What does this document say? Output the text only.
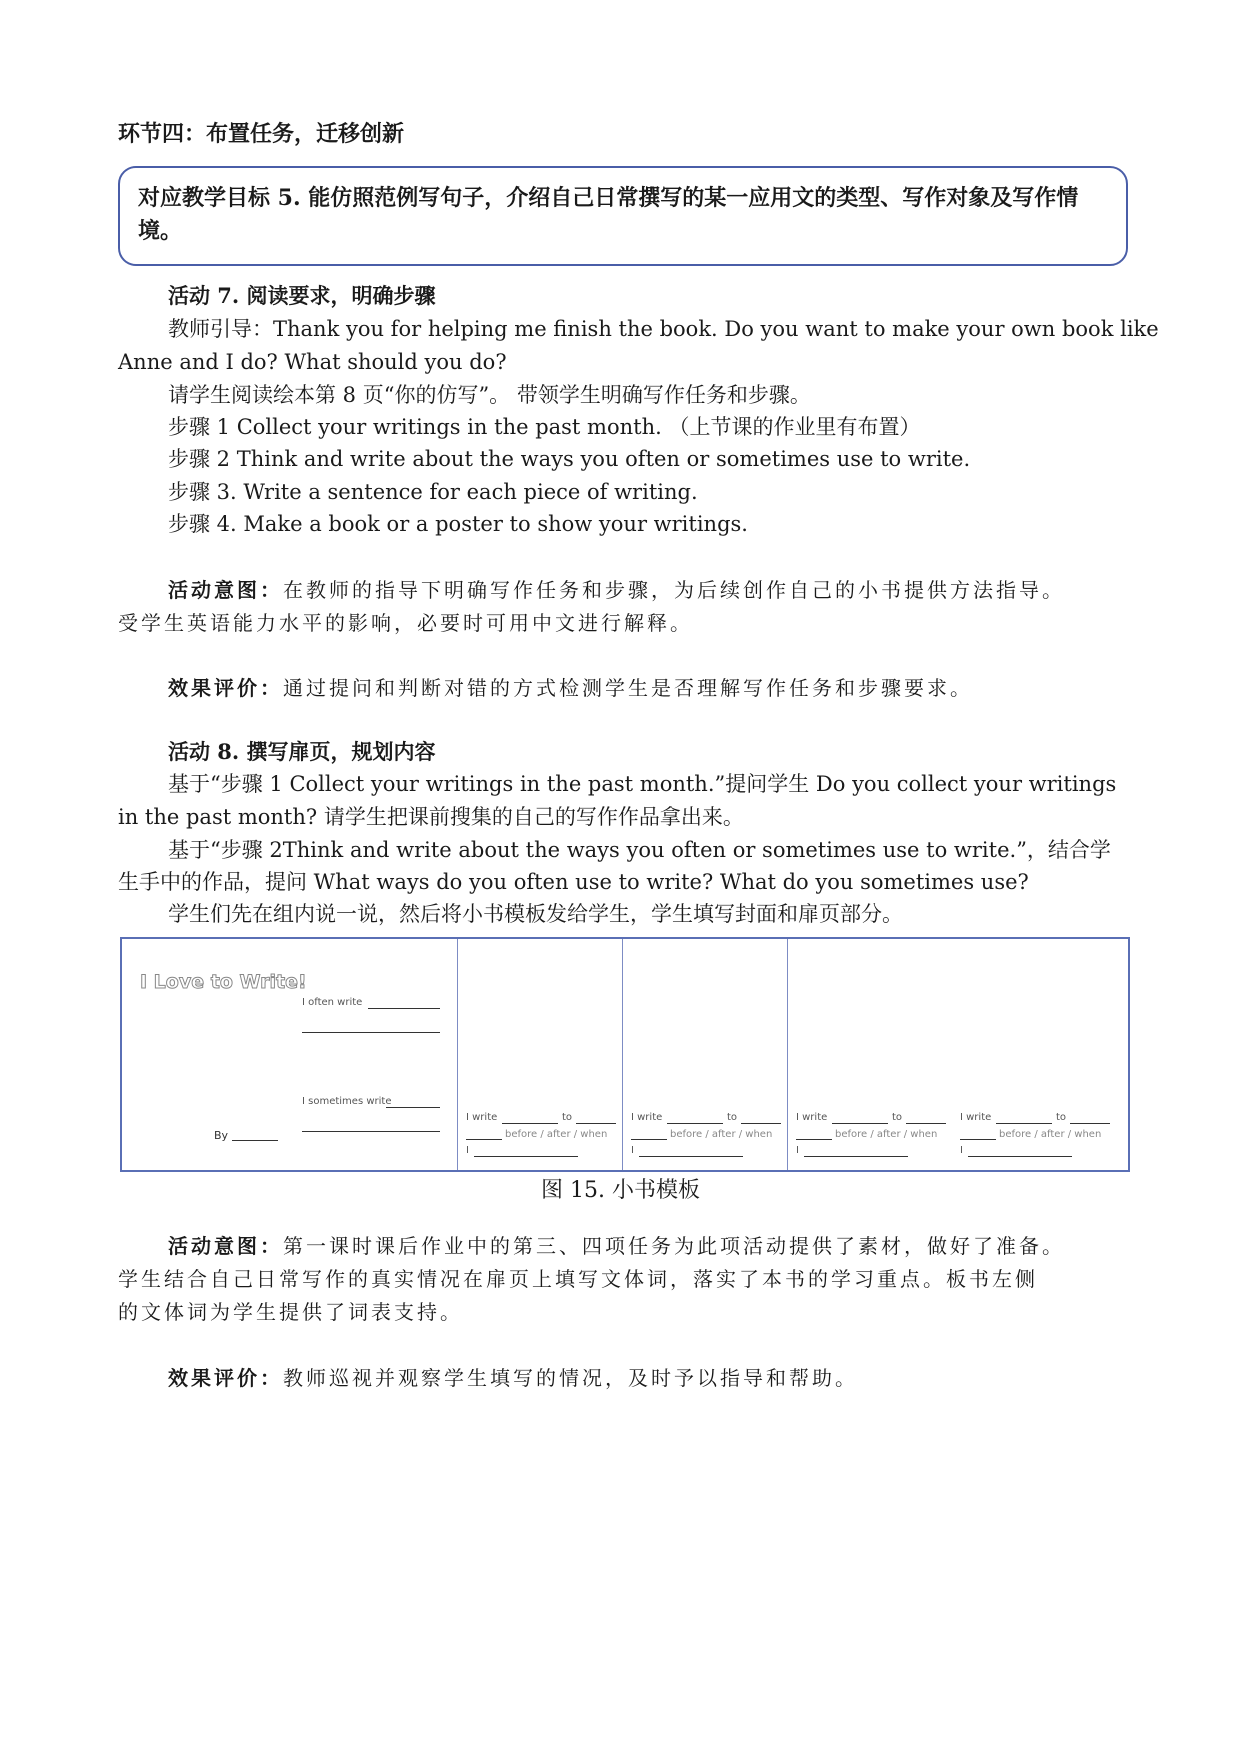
环节四：布置任务，迁移创新
对应教学目标 5. 能仿照范例写句子，介绍自己日常撰写的某一应用文的类型、写作对象及写作情境。
活动 7. 阅读要求，明确步骤
教师引导：Thank you for helping me finish the book. Do you want to make your own book like
Anne and I do? What should you do?
请学生阅读绘本第 8 页“你的仿写”。 带领学生明确写作任务和步骤。
步骤 1 Collect your writings in the past month. （上节课的作业里有布置）
步骤 2 Think and write about the ways you often or sometimes use to write.
步骤 3. Write a sentence for each piece of writing.
步骤 4. Make a book or a poster to show your writings.
活动意图：在教师的指导下明确写作任务和步骤，为后续创作自己的小书提供方法指导。
受学生英语能力水平的影响，必要时可用中文进行解释。
效果评价：通过提问和判断对错的方式检测学生是否理解写作任务和步骤要求。
活动 8. 撰写扉页，规划内容
基于“步骤 1 Collect your writings in the past month.”提问学生 Do you collect your writings
in the past month? 请学生把课前搜集的自己的写作作品拿出来。
基于“步骤 2Think and write about the ways you often or sometimes use to write.”，结合学
生手中的作品，提问 What ways do you often use to write? What do you sometimes use?
学生们先在组内说一说，然后将小书模板发给学生，学生填写封面和扉页部分。
I Love to Write!
By
I often write
I sometimes write
I write	to
before / after / when
I
I write	to
before / after / when
I
I write	to
before / after / when
I
I write	to
before / after / when
I
图 15. 小书模板
活动意图：第一课时课后作业中的第三、四项任务为此项活动提供了素材，做好了准备。
学生结合自己日常写作的真实情况在扉页上填写文体词，落实了本书的学习重点。板书左侧
的文体词为学生提供了词表支持。
效果评价：教师巡视并观察学生填写的情况，及时予以指导和帮助。
